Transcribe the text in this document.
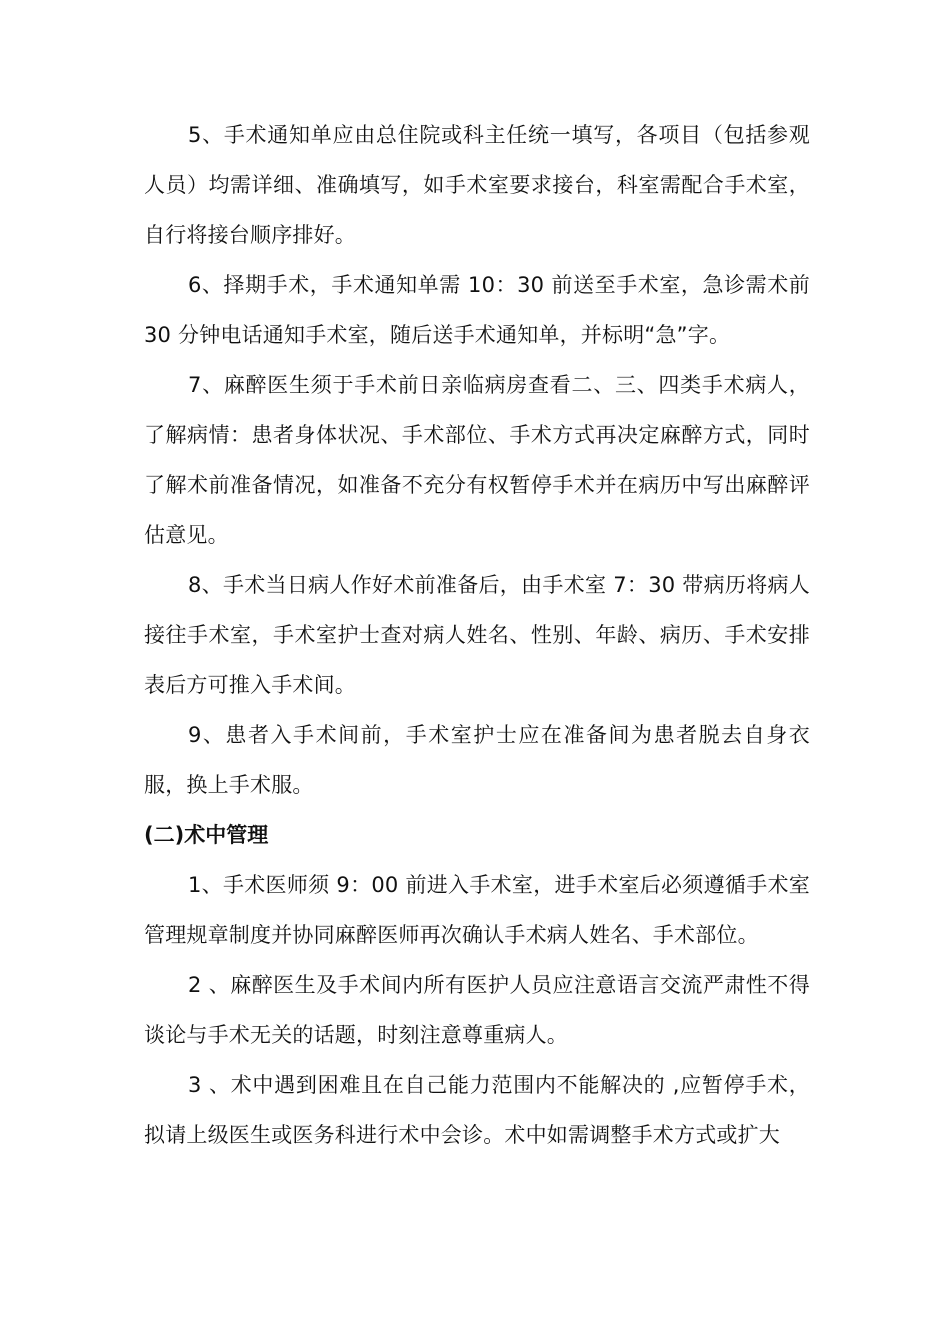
5、手术通知单应由总住院或科主任统一填写，各项目（包括参观人员）均需详细、准确填写，如手术室要求接台，科室需配合手术室，自行将接台顺序排好。

6、择期手术，手术通知单需 10：30 前送至手术室，急诊需术前 30 分钟电话通知手术室，随后送手术通知单，并标明“急”字。

7、麻醉医生须于手术前日亲临病房查看二、三、四类手术病人，了解病情：患者身体状况、手术部位、手术方式再决定麻醉方式，同时了解术前准备情况，如准备不充分有权暂停手术并在病历中写出麻醉评估意见。

8、手术当日病人作好术前准备后，由手术室 7：30 带病历将病人接往手术室，手术室护士查对病人姓名、性别、年龄、病历、手术安排表后方可推入手术间。

9、患者入手术间前，手术室护士应在准备间为患者脱去自身衣服，换上手术服。

(二)术中管理

1、手术医师须 9：00 前进入手术室，进手术室后必须遵循手术室管理规章制度并协同麻醉医师再次确认手术病人姓名、手术部位。

2 、麻醉医生及手术间内所有医护人员应注意语言交流严肃性不得谈论与手术无关的话题，时刻注意尊重病人。

3 、术中遇到困难且在自己能力范围内不能解决的 ,应暂停手术，拟请上级医生或医务科进行术中会诊。术中如需调整手术方式或扩大
